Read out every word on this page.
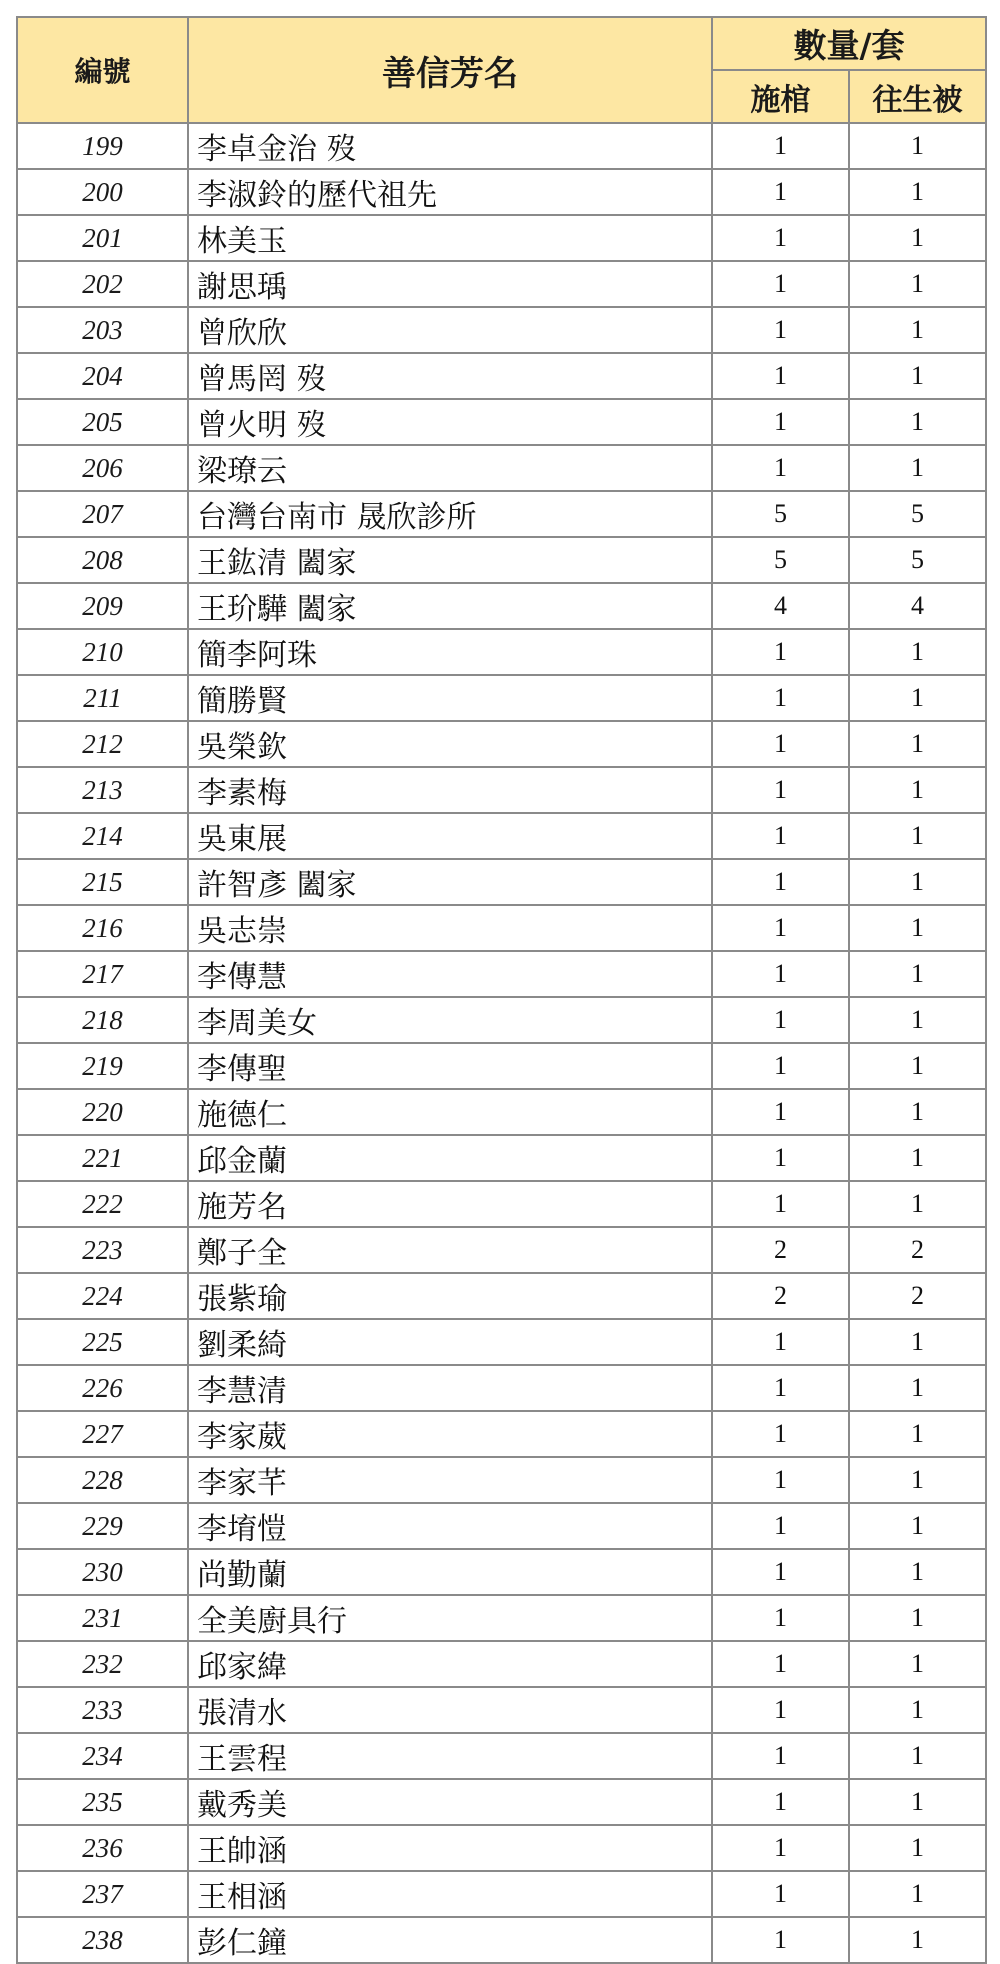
編號	善信芳名	數量/套	
		施棺	往生被
199	李卓金治 歿	1	1
200	李淑鈴的歷代祖先	1	1
201	林美玉	1	1
202	謝思瑀	1	1
203	曾欣欣	1	1
204	曾馬罔 歿	1	1
205	曾火明 歿	1	1
206	梁璙云	1	1
207	台灣台南市 晟欣診所	5	5
208	王鈜清 闔家	5	5
209	王玠驊 闔家	4	4
210	簡李阿珠	1	1
211	簡勝賢	1	1
212	吳榮欽	1	1
213	李素梅	1	1
214	吳東展	1	1
215	許智彥 闔家	1	1
216	吳志崇	1	1
217	李傳慧	1	1
218	李周美女	1	1
219	李傳聖	1	1
220	施德仁	1	1
221	邱金蘭	1	1
222	施芳名	1	1
223	鄭子全	2	2
224	張紫瑜	2	2
225	劉柔綺	1	1
226	李慧清	1	1
227	李家葳	1	1
228	李家芊	1	1
229	李堉愷	1	1
230	尚勤蘭	1	1
231	全美廚具行	1	1
232	邱家緯	1	1
233	張清水	1	1
234	王雲程	1	1
235	戴秀美	1	1
236	王帥涵	1	1
237	王相涵	1	1
238	彭仁鐘	1	1
